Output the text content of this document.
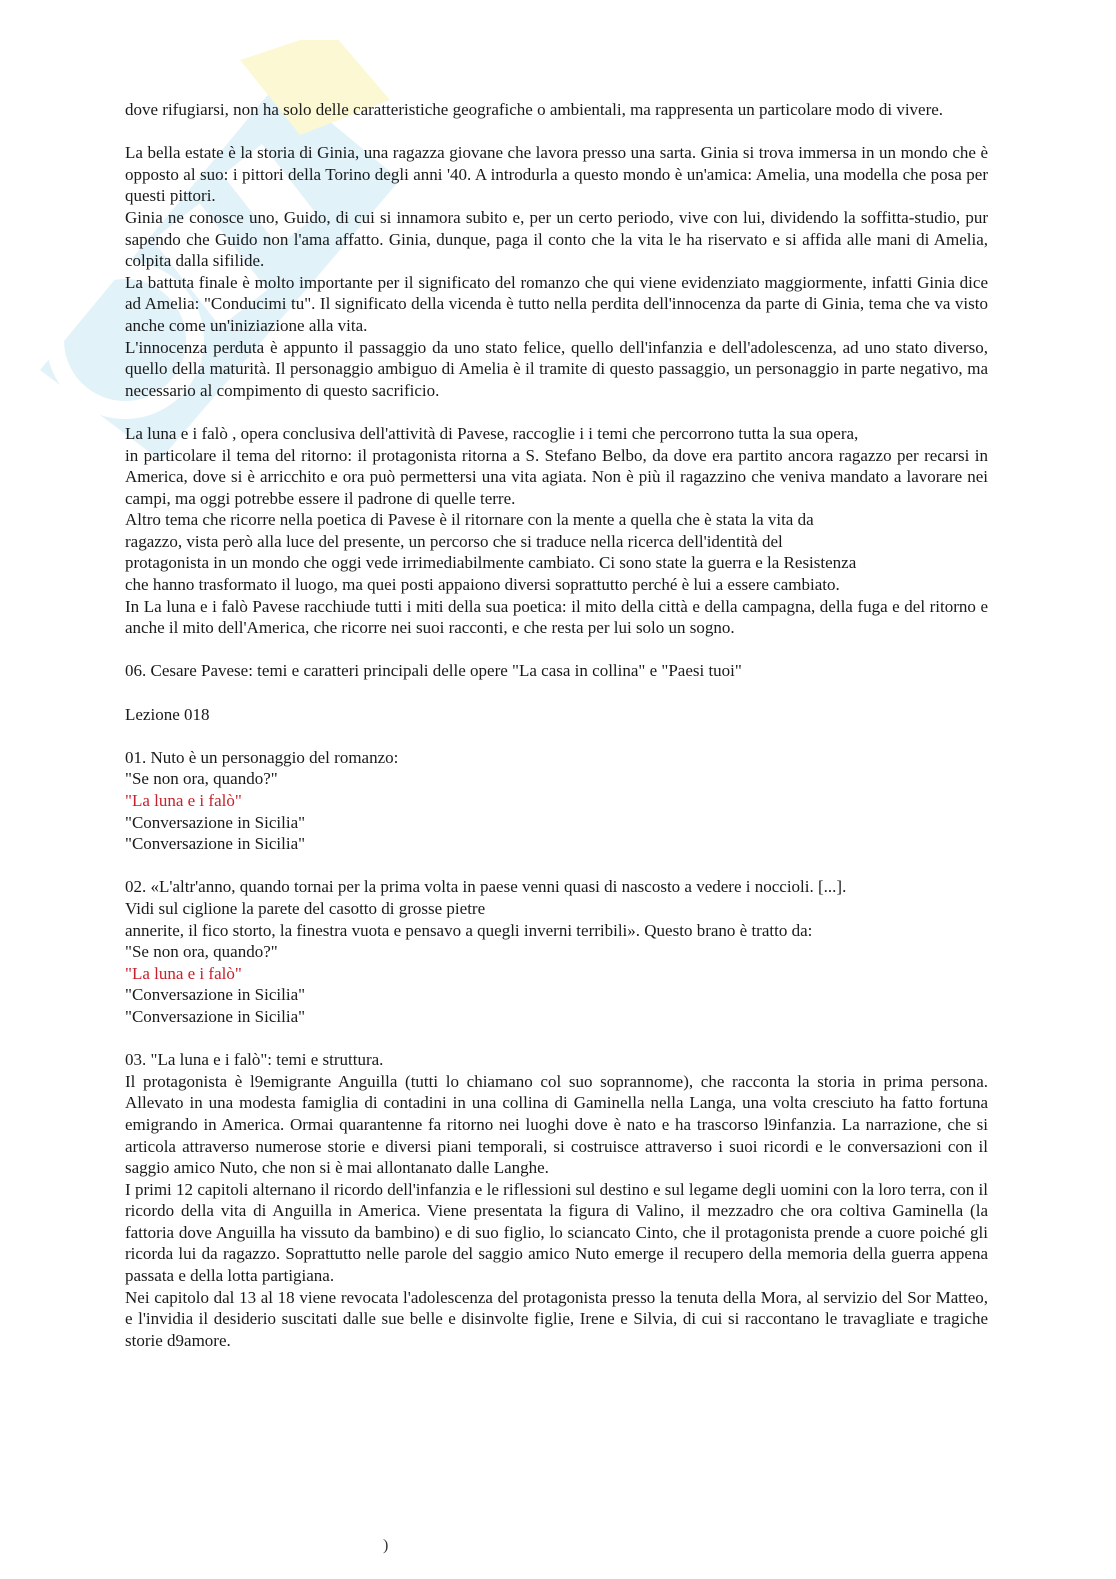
dove rifugiarsi, non ha solo delle caratteristiche geografiche o ambientali, ma rappresenta un particolare modo di vivere.

La bella estate è la storia di Ginia, una ragazza giovane che lavora presso una sarta. Ginia si trova immersa in un mondo che è opposto al suo: i pittori della Torino degli anni '40. A introdurla a questo mondo è un'amica: Amelia, una modella che posa per questi pittori.

Ginia ne conosce uno, Guido, di cui si innamora subito e, per un certo periodo, vive con lui, dividendo la soffitta-studio, pur sapendo che Guido non l'ama affatto. Ginia, dunque, paga il conto che la vita le ha riservato e si affida alle mani di Amelia, colpita dalla sifilide.

La battuta finale è molto importante per il significato del romanzo che qui viene evidenziato maggiormente, infatti Ginia dice ad Amelia: "Conducimi tu". Il significato della vicenda è tutto nella perdita dell'innocenza da parte di Ginia, tema che va visto anche come un'iniziazione alla vita.

L'innocenza perduta è appunto il passaggio da uno stato felice, quello dell'infanzia e dell'adolescenza, ad uno stato diverso, quello della maturità. Il personaggio ambiguo di Amelia è il tramite di questo passaggio, un personaggio in parte negativo, ma necessario al compimento di questo sacrificio.

La luna e i falò , opera conclusiva dell'attività di Pavese, raccoglie i i temi che percorrono tutta la sua opera,

in particolare il tema del ritorno: il protagonista ritorna a S. Stefano Belbo, da dove era partito ancora ragazzo per recarsi in America, dove si è arricchito e ora può permettersi una vita agiata. Non è più il ragazzino che veniva mandato a lavorare nei campi, ma oggi potrebbe essere il padrone di quelle terre.

Altro tema che ricorre nella poetica di Pavese è il ritornare con la mente a quella che è stata la vita da

ragazzo, vista però alla luce del presente, un percorso che si traduce nella ricerca dell'identità del

protagonista in un mondo che oggi vede irrimediabilmente cambiato. Ci sono state la guerra e la Resistenza

che hanno trasformato il luogo, ma quei posti appaiono diversi soprattutto perché è lui a essere cambiato.

In La luna e i falò Pavese racchiude tutti i miti della sua poetica: il mito della città e della campagna, della fuga e del ritorno e anche il mito dell'America, che ricorre nei suoi racconti, e che resta per lui solo un sogno.

06. Cesare Pavese: temi e caratteri principali delle opere "La casa in collina" e "Paesi tuoi"

Lezione 018

01. Nuto è un personaggio del romanzo:

"Se non ora, quando?"

"La luna e i falò"

"Conversazione in Sicilia"

"Conversazione in Sicilia"

02. «L'altr'anno, quando tornai per la prima volta in paese venni quasi di nascosto a vedere i noccioli. [...].

Vidi sul ciglione la parete del casotto di grosse pietre

annerite, il fico storto, la finestra vuota e pensavo a quegli inverni terribili». Questo brano è tratto da:

"Se non ora, quando?"

"La luna e i falò"

"Conversazione in Sicilia"

"Conversazione in Sicilia"

03. "La luna e i falò": temi e struttura.

Il protagonista è l9emigrante Anguilla (tutti lo chiamano col suo soprannome), che racconta la storia in prima persona. Allevato in una modesta famiglia di contadini in una collina di Gaminella nella Langa, una volta cresciuto ha fatto fortuna emigrando in America. Ormai quarantenne fa ritorno nei luoghi dove è nato e ha trascorso l9infanzia. La narrazione, che si articola attraverso numerose storie e diversi piani temporali, si costruisce attraverso i suoi ricordi e le conversazioni con il saggio amico Nuto, che non si è mai allontanato dalle Langhe.

I primi 12 capitoli alternano il ricordo dell'infanzia e le riflessioni sul destino e sul legame degli uomini con la loro terra, con il ricordo della vita di Anguilla in America. Viene presentata la figura di Valino, il mezzadro che ora coltiva Gaminella (la fattoria dove Anguilla ha vissuto da bambino) e di suo figlio, lo sciancato Cinto, che il protagonista prende a cuore poiché gli ricorda lui da ragazzo. Soprattutto nelle parole del saggio amico Nuto emerge il recupero della memoria della guerra appena passata e della lotta partigiana.

Nei capitolo dal 13 al 18 viene revocata l'adolescenza del protagonista presso la tenuta della Mora, al servizio del Sor Matteo, e l'invidia il desiderio suscitati dalle sue belle e disinvolte figlie, Irene e Silvia, di cui si raccontano le travagliate e tragiche storie d9amore.

)
